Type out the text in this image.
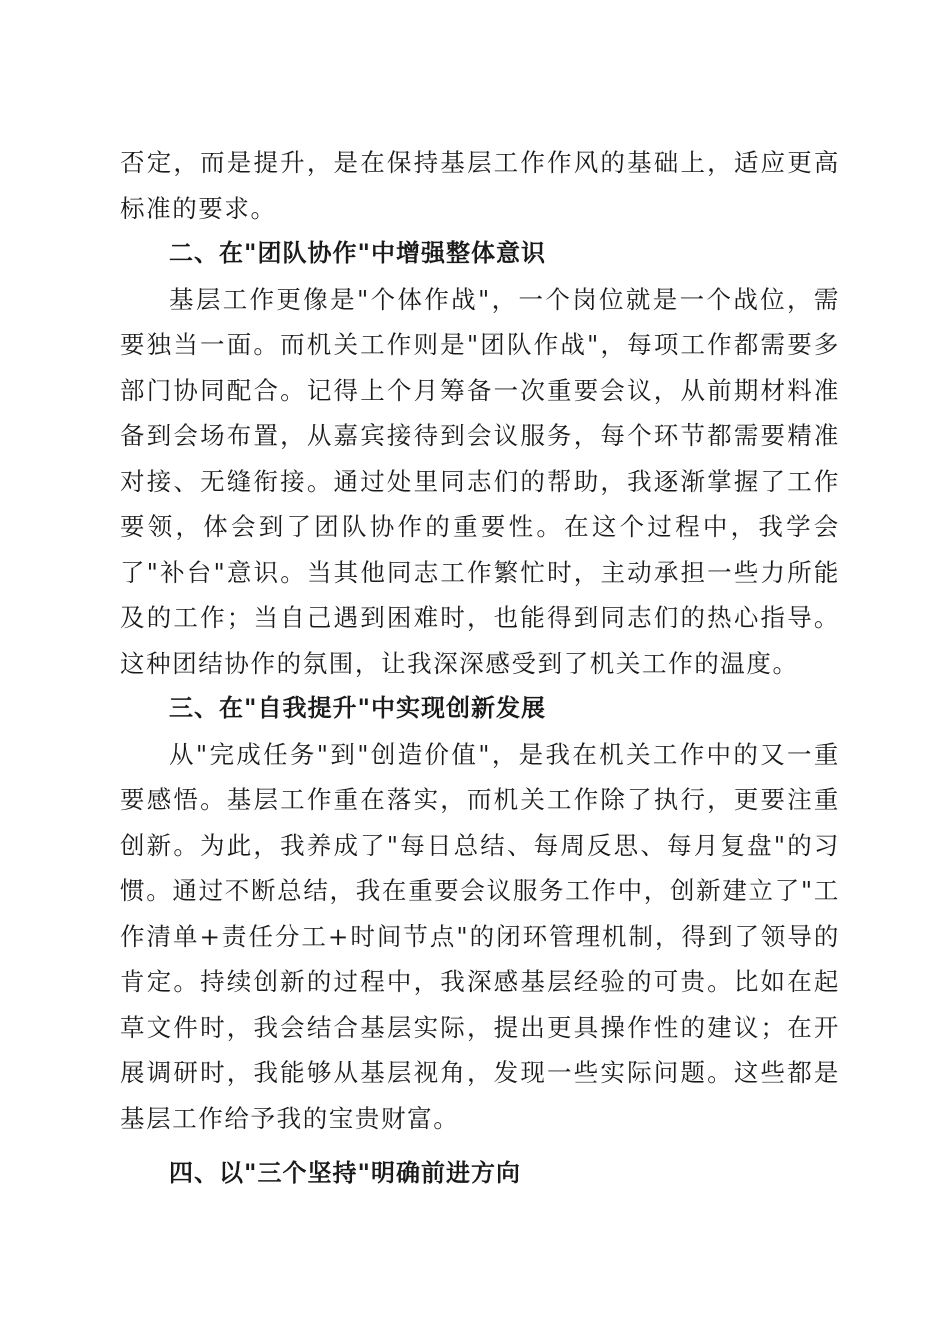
否定，而是提升，是在保持基层工作作风的基础上，适应更高标准的要求。

二、在"团队协作"中增强整体意识

基层工作更像是"个体作战"，一个岗位就是一个战位，需要独当一面。而机关工作则是"团队作战"，每项工作都需要多部门协同配合。记得上个月筹备一次重要会议，从前期材料准备到会场布置，从嘉宾接待到会议服务，每个环节都需要精准对接、无缝衔接。通过处里同志们的帮助，我逐渐掌握了工作要领，体会到了团队协作的重要性。在这个过程中，我学会了"补台"意识。当其他同志工作繁忙时，主动承担一些力所能及的工作；当自己遇到困难时，也能得到同志们的热心指导。这种团结协作的氛围，让我深深感受到了机关工作的温度。

三、在"自我提升"中实现创新发展

从"完成任务"到"创造价值"，是我在机关工作中的又一重要感悟。基层工作重在落实，而机关工作除了执行，更要注重创新。为此，我养成了"每日总结、每周反思、每月复盘"的习惯。通过不断总结，我在重要会议服务工作中，创新建立了"工作清单+责任分工+时间节点"的闭环管理机制，得到了领导的肯定。持续创新的过程中，我深感基层经验的可贵。比如在起草文件时，我会结合基层实际，提出更具操作性的建议；在开展调研时，我能够从基层视角，发现一些实际问题。这些都是基层工作给予我的宝贵财富。

四、以"三个坚持"明确前进方向
